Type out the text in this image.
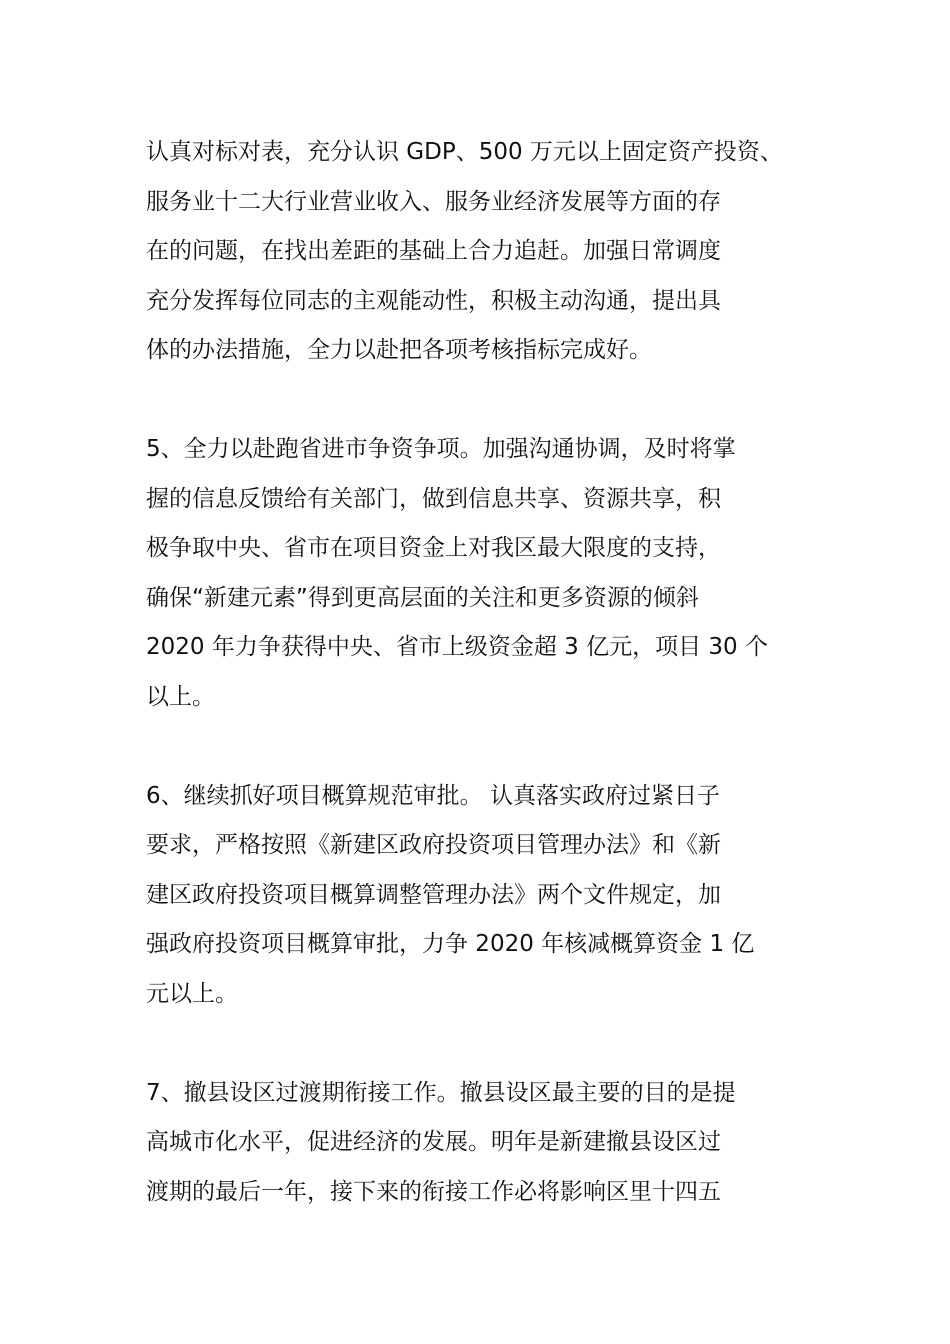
认真对标对表，充分认识 GDP、500 万元以上固定资产投资、
服务业十二大行业营业收入、服务业经济发展等方面的存
在的问题，在找出差距的基础上合力追赶。加强日常调度
充分发挥每位同志的主观能动性，积极主动沟通，提出具
体的办法措施，全力以赴把各项考核指标完成好。
5、全力以赴跑省进市争资争项。加强沟通协调，及时将掌
握的信息反馈给有关部门，做到信息共享、资源共享，积
极争取中央、省市在项目资金上对我区最大限度的支持，
确保“新建元素”得到更高层面的关注和更多资源的倾斜
2020 年力争获得中央、省市上级资金超 3 亿元，项目 30 个
以上。
6、继续抓好项目概算规范审批。 认真落实政府过紧日子
要求，严格按照《新建区政府投资项目管理办法》和《新
建区政府投资项目概算调整管理办法》两个文件规定，加
强政府投资项目概算审批，力争 2020 年核减概算资金 1 亿
元以上。
7、撤县设区过渡期衔接工作。撤县设区最主要的目的是提
高城市化水平，促进经济的发展。明年是新建撤县设区过
渡期的最后一年，接下来的衔接工作必将影响区里十四五
